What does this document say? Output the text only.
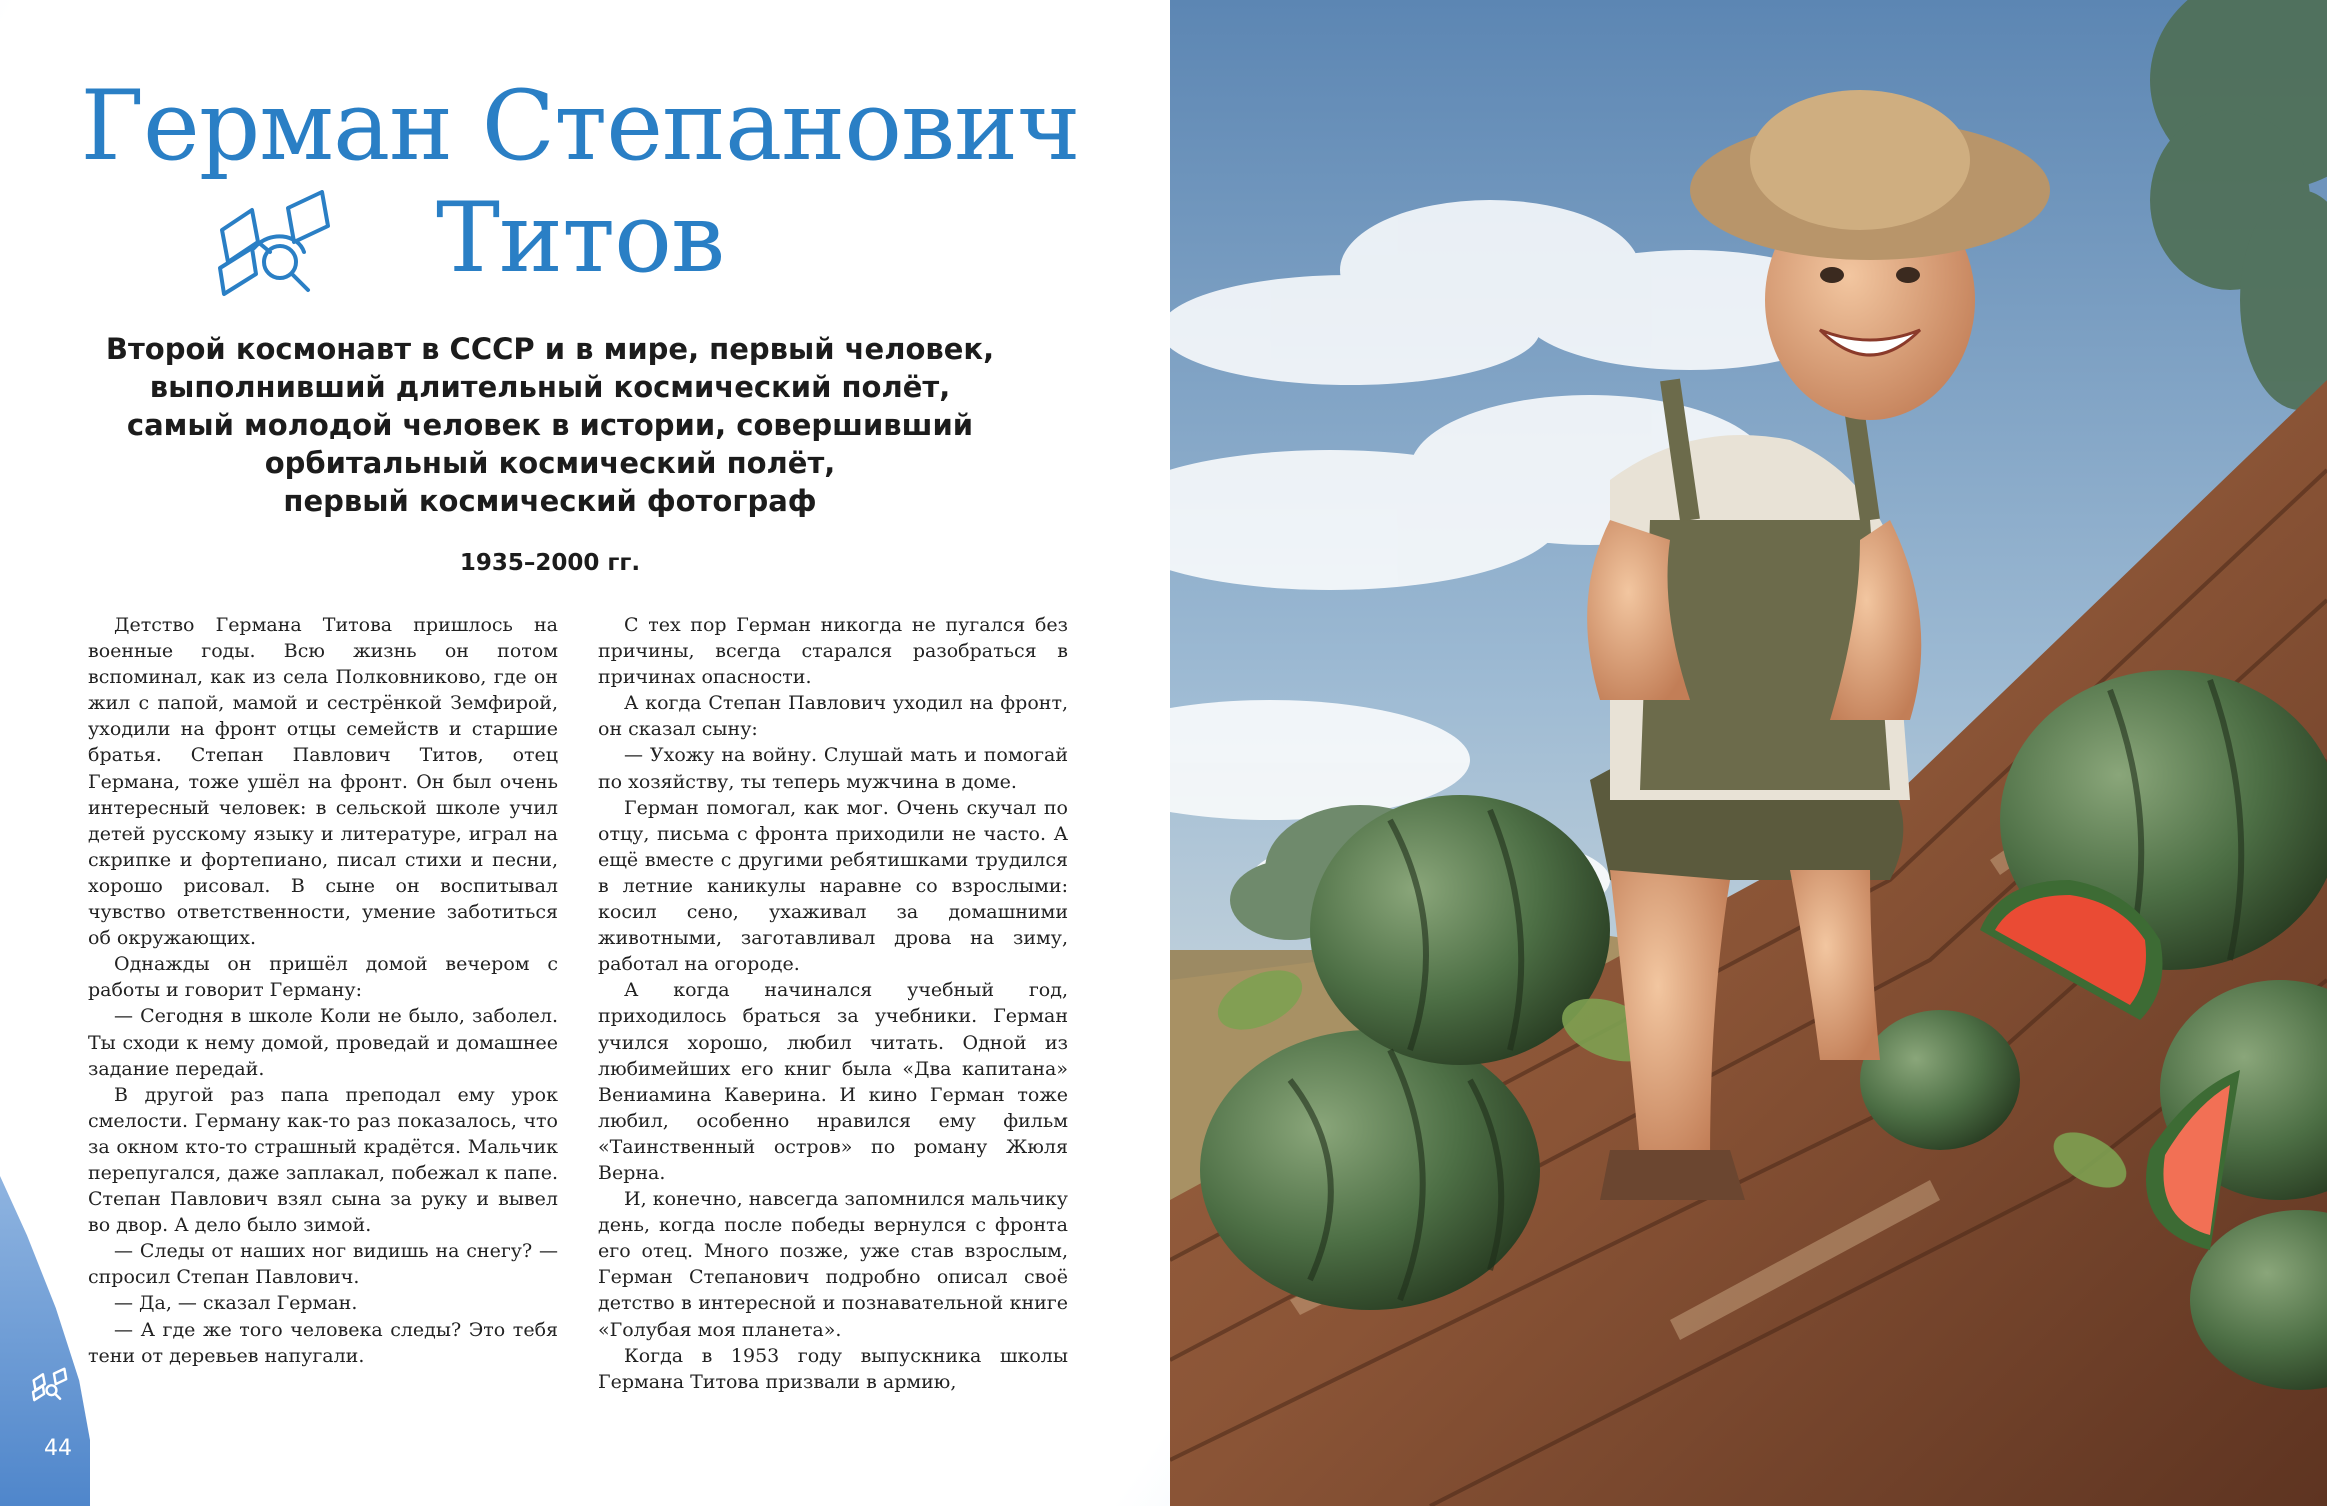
Герман Степанович
Титов
Второй космонавт в СССР и в мире, первый человек,
выполнивший длительный космический полёт,
самый молодой человек в истории, совершивший
орбитальный космический полёт,
первый космический фотограф
1935–2000 гг.

Детство Германа Титова пришлось на военные годы. Всю жизнь он потом вспоминал, как из села Полковниково, где он жил с папой, мамой и сестрёнкой Земфирой, уходили на фронт отцы семейств и старшие братья. Степан Павлович Титов, отец Германа, тоже ушёл на фронт. Он был очень интересный человек: в сельской школе учил детей русскому языку и литературе, играл на скрипке и фортепиано, писал стихи и песни, хорошо рисовал. В сыне он воспитывал чувство ответственности, умение заботиться об окружающих.

Однажды он пришёл домой вечером с работы и говорит Герману:

— Сегодня в школе Коли не было, заболел. Ты сходи к нему домой, проведай и домашнее задание передай.

В другой раз папа преподал ему урок смелости. Герману как-то раз показалось, что за окном кто-то страшный крадётся. Мальчик перепугался, даже заплакал, побежал к папе. Степан Павлович взял сына за руку и вывел во двор. А дело было зимой.

— Следы от наших ног видишь на снегу? — спросил Степан Павлович.

— Да, — сказал Герман.

— А где же того человека следы? Это тебя тени от деревьев напугали.

С тех пор Герман никогда не пугался без причины, всегда старался разобраться в причинах опасности.

А когда Степан Павлович уходил на фронт, он сказал сыну:

— Ухожу на войну. Слушай мать и помогай по хозяйству, ты теперь мужчина в доме.

Герман помогал, как мог. Очень скучал по отцу, письма с фронта приходили не часто. А ещё вместе с другими ребятишками трудился в летние каникулы наравне со взрослыми: косил сено, ухаживал за домашними животными, заготавливал дрова на зиму, работал на огороде.

А когда начинался учебный год, приходилось браться за учебники. Герман учился хорошо, любил читать. Одной из любимейших его книг была «Два капитана» Вениамина Каверина. И кино Герман тоже любил, особенно нравился ему фильм «Таинственный остров» по роману Жюля Верна.

И, конечно, навсегда запомнился мальчику день, когда после победы вернулся с фронта его отец. Много позже, уже став взрослым, Герман Степанович подробно описал своё детство в интересной и познавательной книге «Голубая моя планета».

Когда в 1953 году выпускника школы Германа Титова призвали в армию,

44
